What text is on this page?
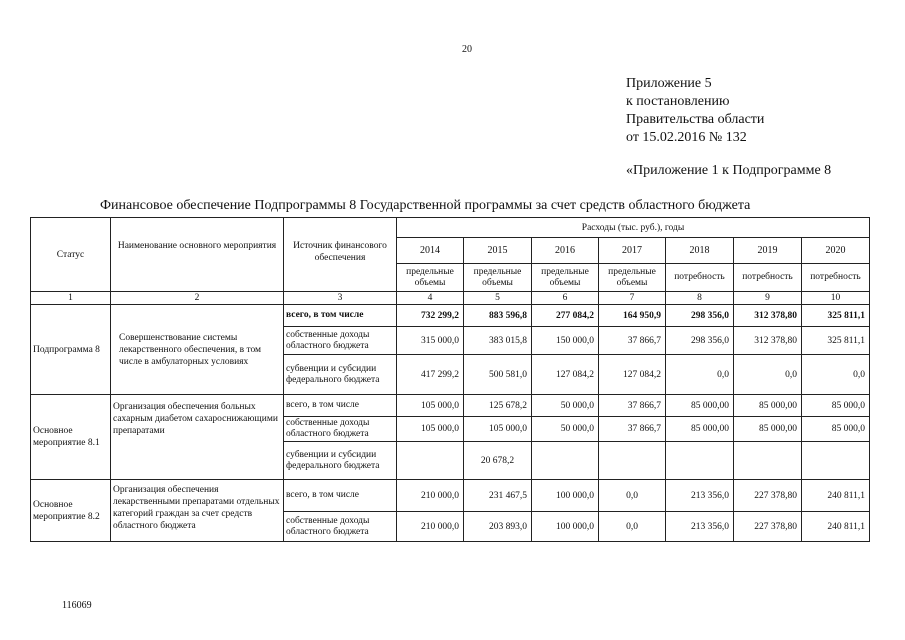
20
Приложение 5
к постановлению
Правительства области
от 15.02.2016 № 132
«Приложение 1 к Подпрограмме 8
Финансовое обеспечение Подпрограммы 8 Государственной программы за счет средств областного бюджета
Статус	Наименование основного мероприятия	Источник финансового обеспечения	Расходы (тыс. руб.), годы						
			2014	2015	2016	2017	2018	2019	2020
			предельные объемы	предельные объемы	предельные объемы	предельные объемы	потребность	потребность	потребность
1	2	3	4	5	6	7	8	9	10
Подпрограмма 8	Совершенствование системы лекарственного обеспечения, в том числе в амбулаторных условиях	всего, в том числе	732 299,2	883 596,8	277 084,2	164 950,9	298 356,0	312 378,80	325 811,1
		собственные доходы областного бюджета	315 000,0	383 015,8	150 000,0	37 866,7	298 356,0	312 378,80	325 811,1
		субвенции и субсидии федерального бюджета	417 299,2	500 581,0	127 084,2	127 084,2	0,0	0,0	0,0
Основное мероприятие 8.1	Организация обеспечения больных сахарным диабетом сахароснижающими препаратами	всего, в том числе	105 000,0	125 678,2	50 000,0	37 866,7	85 000,00	85 000,00	85 000,0
		собственные доходы областного бюджета	105 000,0	105 000,0	50 000,0	37 866,7	85 000,00	85 000,00	85 000,0
		субвенции и субсидии федерального бюджета		20 678,2					
Основное мероприятие 8.2	Организация обеспечения лекарственными препаратами отдельных категорий граждан за счет средств областного бюджета	всего, в том числе	210 000,0	231 467,5	100 000,0	0,0	213 356,0	227 378,80	240 811,1
		собственные доходы областного бюджета	210 000,0	203 893,0	100 000,0	0,0	213 356,0	227 378,80	240 811,1
116069
